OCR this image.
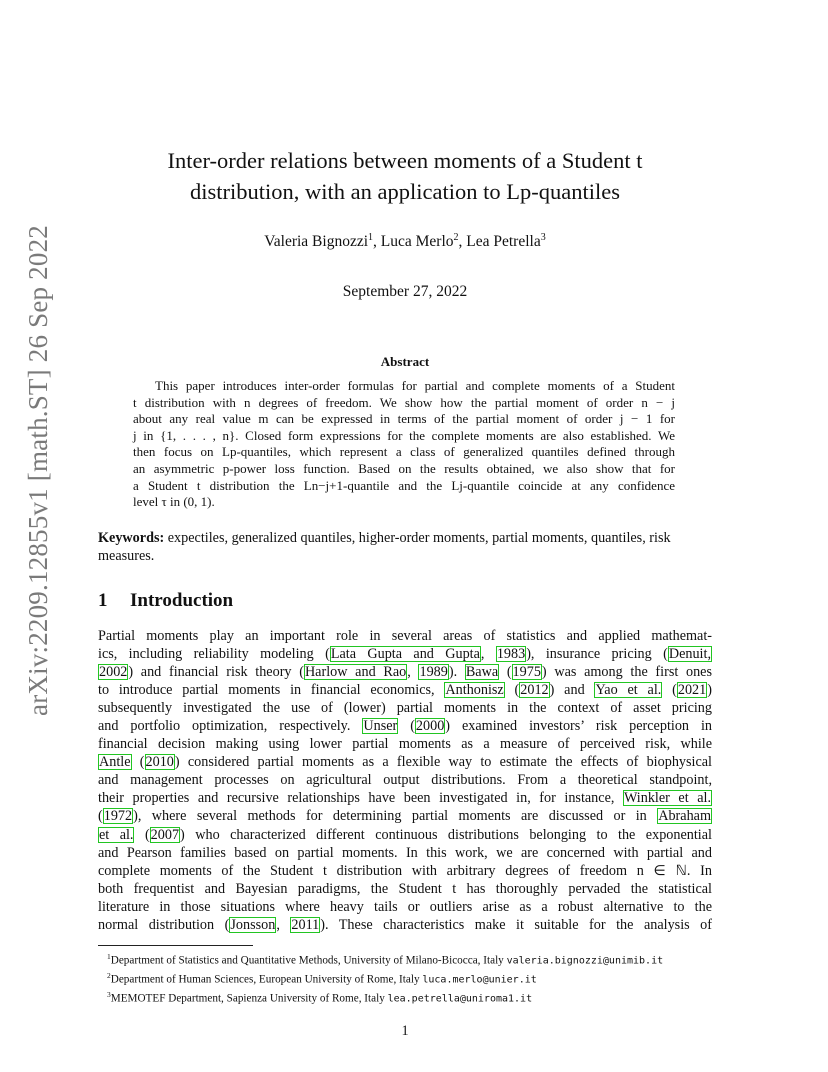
arXiv:2209.12855v1 [math.ST] 26 Sep 2022
Inter-order relations between moments of a Student t
distribution, with an application to Lp-quantiles
Valeria Bignozzi$^1$, Luca Merlo$^2$, Lea Petrella$^3$
September 27, 2022
Abstract
This paper introduces inter-order formulas for partial and complete moments of a Student
t distribution with n degrees of freedom. We show how the partial moment of order n − j
about any real value m can be expressed in terms of the partial moment of order j − 1 for
j in {1, . . . , n}. Closed form expressions for the complete moments are also established. We
then focus on Lp-quantiles, which represent a class of generalized quantiles defined through
an asymmetric p-power loss function. Based on the results obtained, we also show that for
a Student t distribution the Ln−j+1-quantile and the Lj-quantile coincide at any confidence
level τ in (0, 1).
Keywords: expectiles, generalized quantiles, higher-order moments, partial moments, quantiles, risk measures.
1 Introduction
Partial moments play an important role in several areas of statistics and applied mathemat-
ics, including reliability modeling (Lata Gupta and Gupta, 1983), insurance pricing (Denuit,
2002) and financial risk theory (Harlow and Rao, 1989). Bawa (1975) was among the first ones
to introduce partial moments in financial economics, Anthonisz (2012) and Yao et al. (2021)
subsequently investigated the use of (lower) partial moments in the context of asset pricing
and portfolio optimization, respectively. Unser (2000) examined investors’ risk perception in
financial decision making using lower partial moments as a measure of perceived risk, while
Antle (2010) considered partial moments as a flexible way to estimate the effects of biophysical
and management processes on agricultural output distributions. From a theoretical standpoint,
their properties and recursive relationships have been investigated in, for instance, Winkler et al.
(1972), where several methods for determining partial moments are discussed or in Abraham
et al. (2007) who characterized different continuous distributions belonging to the exponential
and Pearson families based on partial moments. In this work, we are concerned with partial and
complete moments of the Student t distribution with arbitrary degrees of freedom n ∈ ℕ. In
both frequentist and Bayesian paradigms, the Student t has thoroughly pervaded the statistical
literature in those situations where heavy tails or outliers arise as a robust alternative to the
normal distribution (Jonsson, 2011). These characteristics make it suitable for the analysis of
$^1$Department of Statistics and Quantitative Methods, University of Milano-Bicocca, Italy valeria.bignozzi@unimib.it
$^2$Department of Human Sciences, European University of Rome, Italy luca.merlo@unier.it
$^3$MEMOTEF Department, Sapienza University of Rome, Italy lea.petrella@uniroma1.it
1
